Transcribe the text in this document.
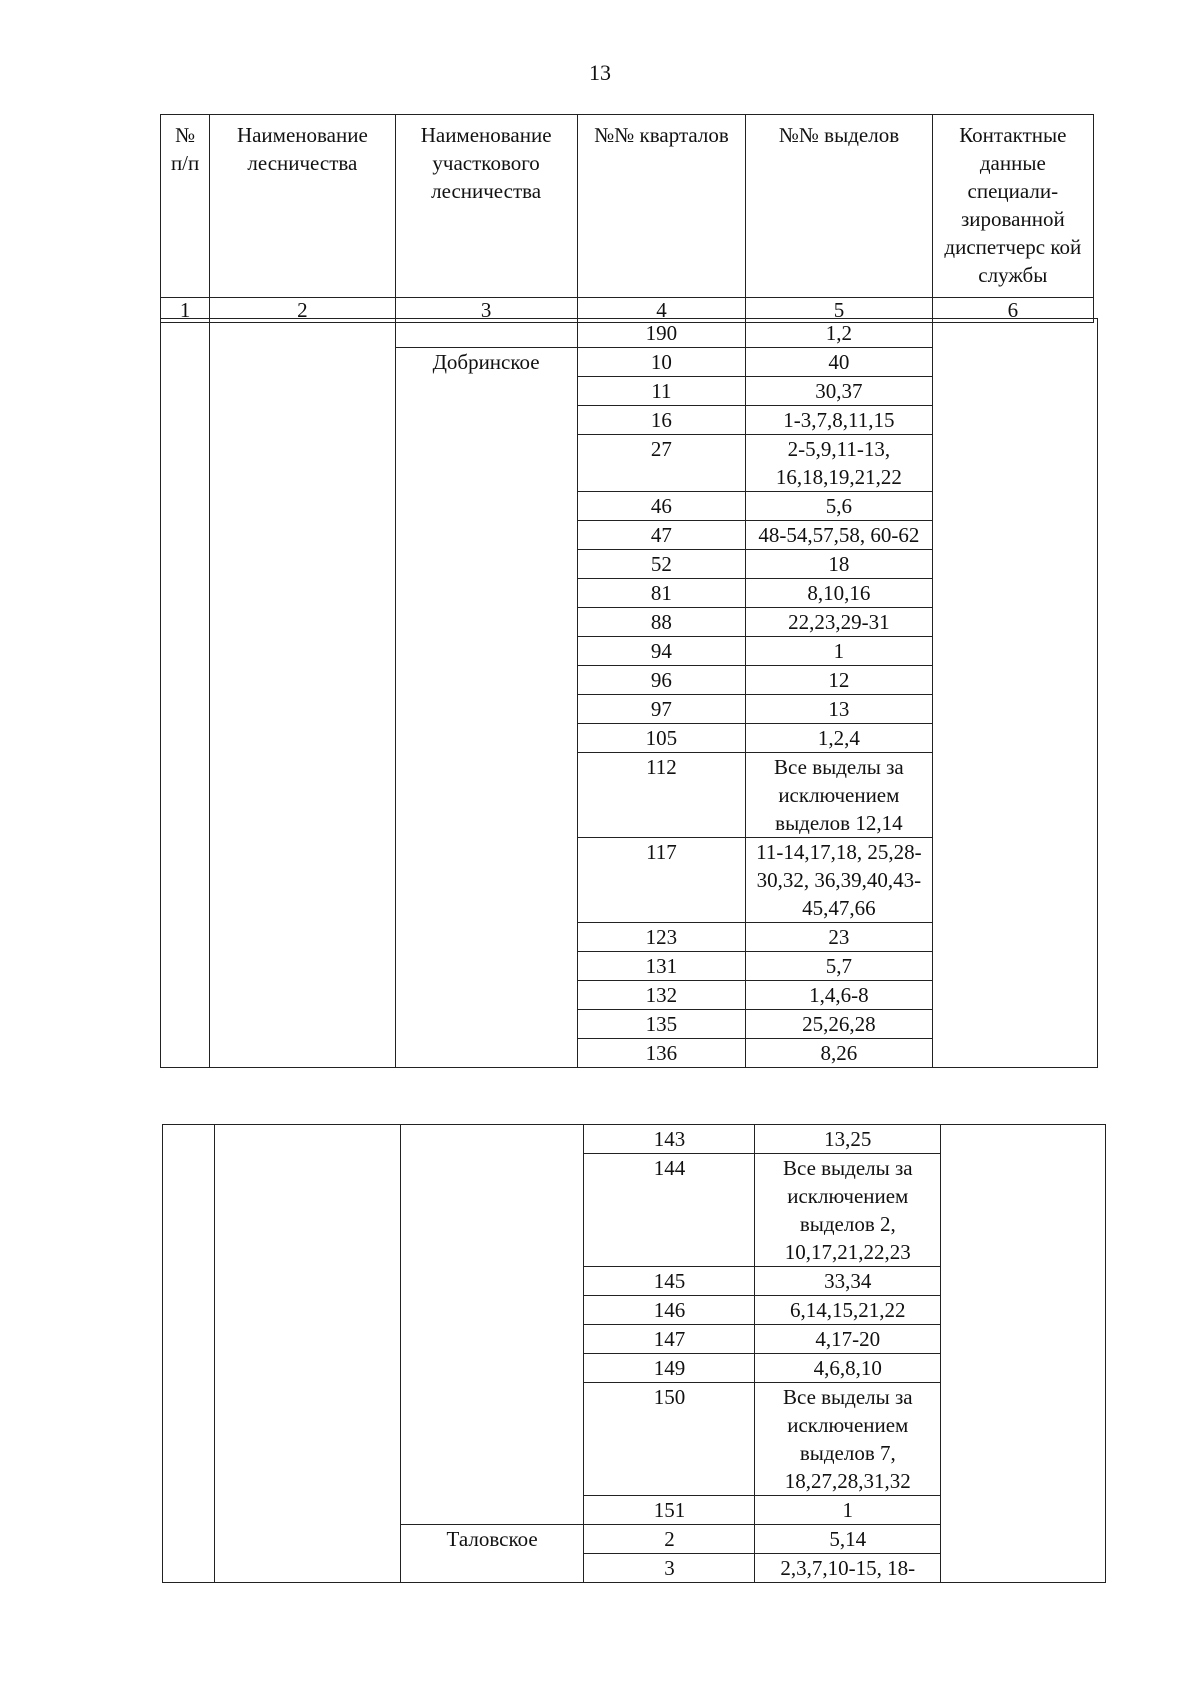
13
№ п/п	Наименование лесничества	Наименование участкового лесничества	№№ кварталов	№№ выделов	Контактные данные специали-зированной диспетчерс кой службы
1	2	3	4	5	6
			190	1,2	
		Добринское	10	40	
			11	30,37	
			16	1-3,7,8,11,15	
			27	2-5,9,11-13, 16,18,19,21,22	
			46	5,6	
			47	48-54,57,58, 60-62	
			52	18	
			81	8,10,16	
			88	22,23,29-31	
			94	1	
			96	12	
			97	13	
			105	1,2,4	
			112	Все выделы за исключением выделов 12,14	
			117	11-14,17,18, 25,28-30,32, 36,39,40,43-45,47,66	
			123	23	
			131	5,7	
			132	1,4,6-8	
			135	25,26,28	
			136	8,26	
			143	13,25	
			144	Все выделы за исключением выделов 2, 10,17,21,22,23	
			145	33,34	
			146	6,14,15,21,22	
			147	4,17-20	
			149	4,6,8,10	
			150	Все выделы за исключением выделов 7, 18,27,28,31,32	
			151	1	
		Таловское	2	5,14	
			3	2,3,7,10-15, 18-	
